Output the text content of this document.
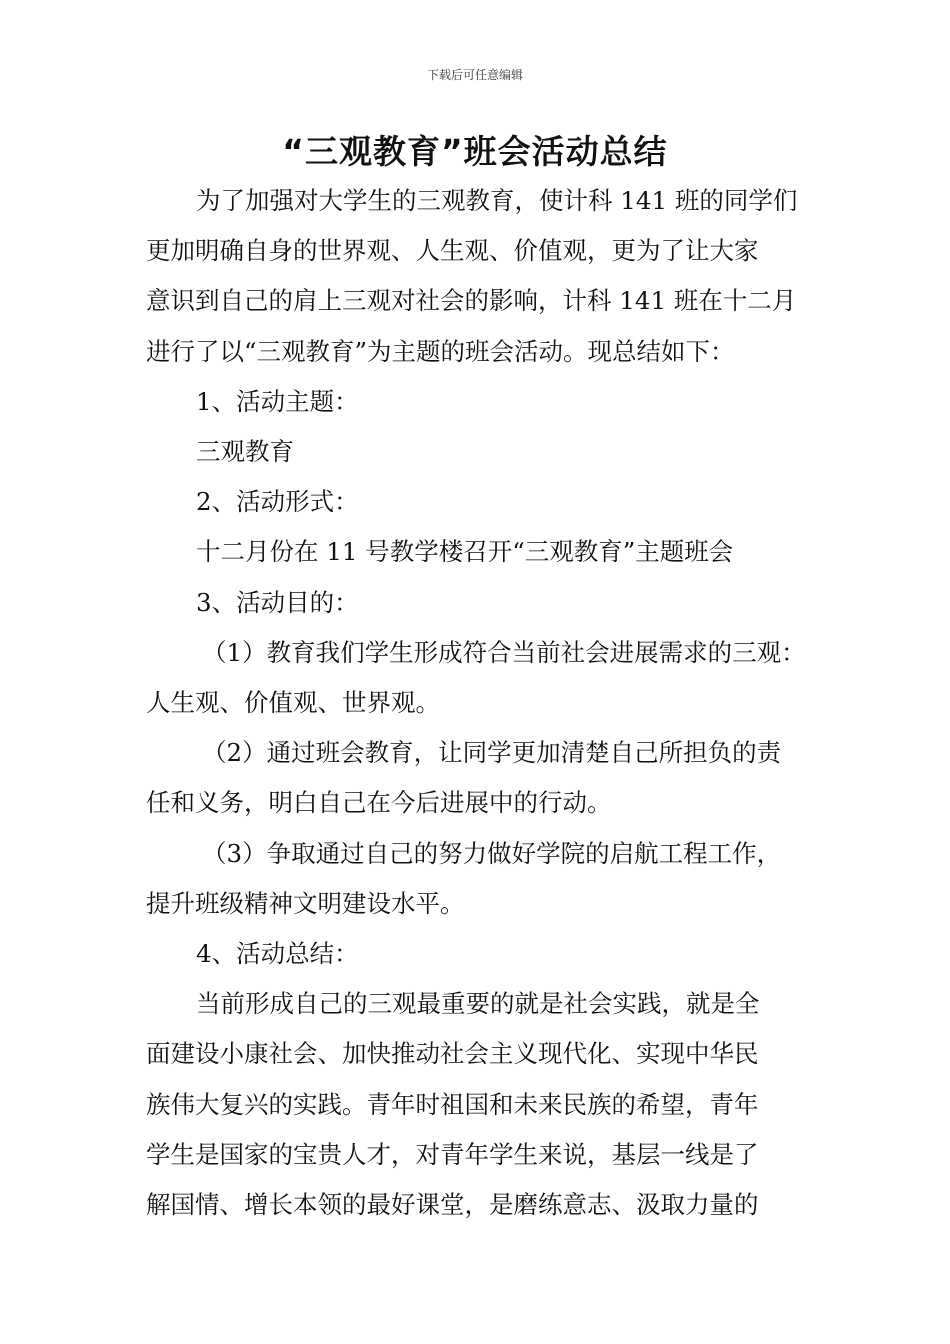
下载后可任意编辑
“三观教育”班会活动总结

为了加强对大学生的三观教育，使计科 141 班的同学们

更加明确自身的世界观、人生观、价值观，更为了让大家

意识到自己的肩上三观对社会的影响，计科 141 班在十二月

进行了以“三观教育”为主题的班会活动。现总结如下：

1、活动主题：

三观教育

2、活动形式：

十二月份在 11 号教学楼召开“三观教育”主题班会

3、活动目的：

（1）教育我们学生形成符合当前社会进展需求的三观：

人生观、价值观、世界观。

（2）通过班会教育，让同学更加清楚自己所担负的责

任和义务，明白自己在今后进展中的行动。

（3）争取通过自己的努力做好学院的启航工程工作，

提升班级精神文明建设水平。

4、活动总结：

当前形成自己的三观最重要的就是社会实践，就是全

面建设小康社会、加快推动社会主义现代化、实现中华民

族伟大复兴的实践。青年时祖国和未来民族的希望，青年

学生是国家的宝贵人才，对青年学生来说，基层一线是了

解国情、增长本领的最好课堂，是磨练意志、汲取力量的
